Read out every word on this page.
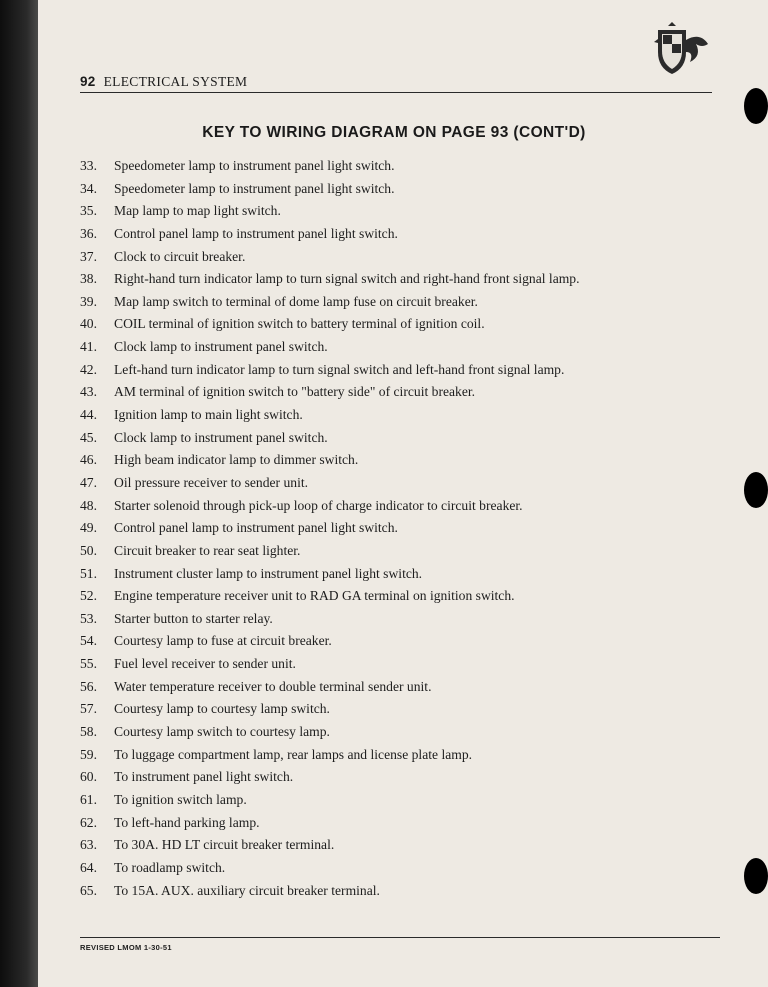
92 ELECTRICAL SYSTEM
KEY TO WIRING DIAGRAM ON PAGE 93 (CONT'D)
33. Speedometer lamp to instrument panel light switch.
34. Speedometer lamp to instrument panel light switch.
35. Map lamp to map light switch.
36. Control panel lamp to instrument panel light switch.
37. Clock to circuit breaker.
38. Right-hand turn indicator lamp to turn signal switch and right-hand front signal lamp.
39. Map lamp switch to terminal of dome lamp fuse on circuit breaker.
40. COIL terminal of ignition switch to battery terminal of ignition coil.
41. Clock lamp to instrument panel switch.
42. Left-hand turn indicator lamp to turn signal switch and left-hand front signal lamp.
43. AM terminal of ignition switch to "battery side" of circuit breaker.
44. Ignition lamp to main light switch.
45. Clock lamp to instrument panel switch.
46. High beam indicator lamp to dimmer switch.
47. Oil pressure receiver to sender unit.
48. Starter solenoid through pick-up loop of charge indicator to circuit breaker.
49. Control panel lamp to instrument panel light switch.
50. Circuit breaker to rear seat lighter.
51. Instrument cluster lamp to instrument panel light switch.
52. Engine temperature receiver unit to RAD GA terminal on ignition switch.
53. Starter button to starter relay.
54. Courtesy lamp to fuse at circuit breaker.
55. Fuel level receiver to sender unit.
56. Water temperature receiver to double terminal sender unit.
57. Courtesy lamp to courtesy lamp switch.
58. Courtesy lamp switch to courtesy lamp.
59. To luggage compartment lamp, rear lamps and license plate lamp.
60. To instrument panel light switch.
61. To ignition switch lamp.
62. To left-hand parking lamp.
63. To 30A. HD LT circuit breaker terminal.
64. To roadlamp switch.
65. To 15A. AUX. auxiliary circuit breaker terminal.
REVISED LMOM 1-30-51
